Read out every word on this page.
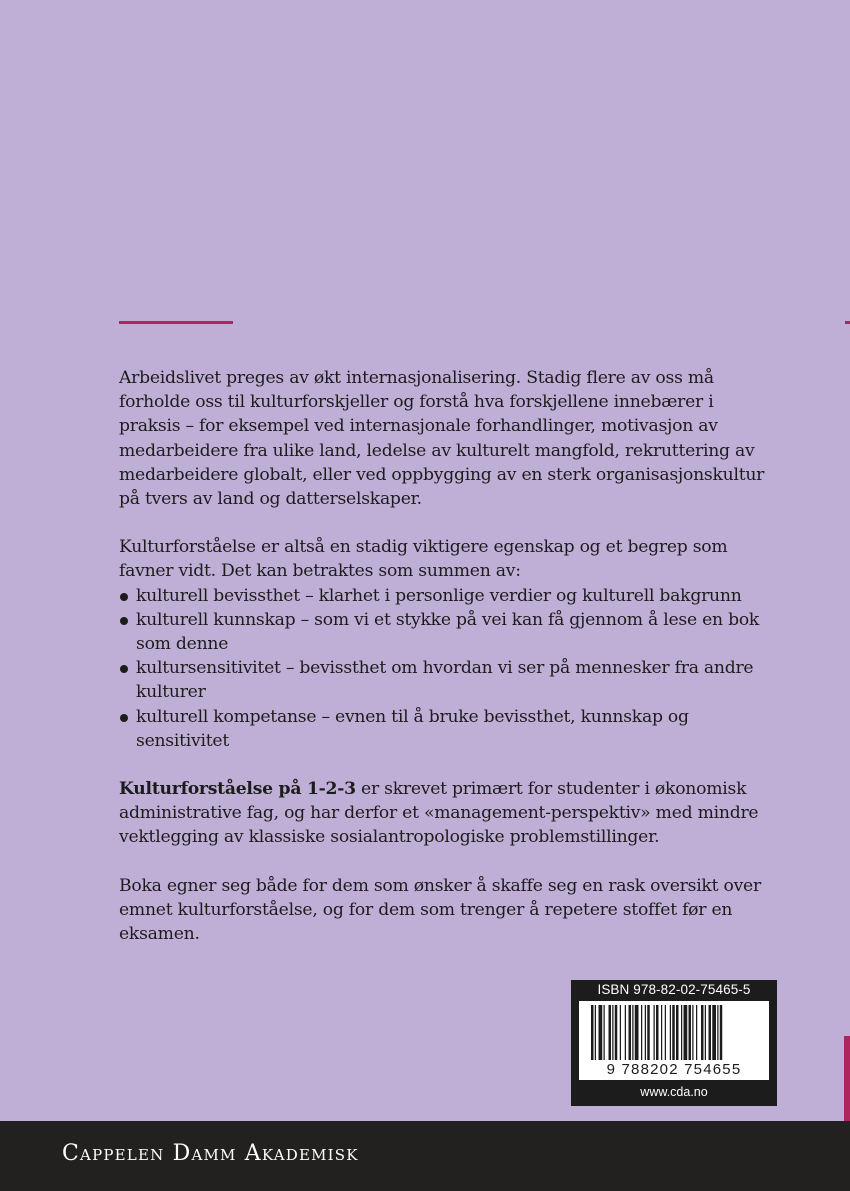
Arbeidslivet preges av økt internasjonalisering. Stadig flere av oss må forholde oss til kulturforskjeller og forstå hva forskjellene innebærer i praksis – for eksempel ved internasjonale forhandlinger, motivasjon av medarbeidere fra ulike land, ledelse av kulturelt mangfold, rekruttering av medarbeidere globalt, eller ved oppbygging av en sterk organisasjonskultur på tvers av land og datterselskaper.

Kulturforståelse er altså en stadig viktigere egenskap og et begrep som favner vidt. Det kan betraktes som summen av:

kulturell bevissthet – klarhet i personlige verdier og kulturell bakgrunn
kulturell kunnskap – som vi et stykke på vei kan få gjennom å lese en bok som denne
kultursensitivitet – bevissthet om hvordan vi ser på mennesker fra andre kulturer
kulturell kompetanse – evnen til å bruke bevissthet, kunnskap og sensitivitet

Kulturforståelse på 1-2-3 er skrevet primært for studenter i økonomisk administrative fag, og har derfor et «management-perspektiv» med mindre vektlegging av klassiske sosialantropologiske problemstillinger.

Boka egner seg både for dem som ønsker å skaffe seg en rask oversikt over emnet kulturforståelse, og for dem som trenger å repetere stoffet før en eksamen.

ISBN 978-82-02-75465-5
9 788202 754655
www.cda.no
Cappelen Damm Akademisk
